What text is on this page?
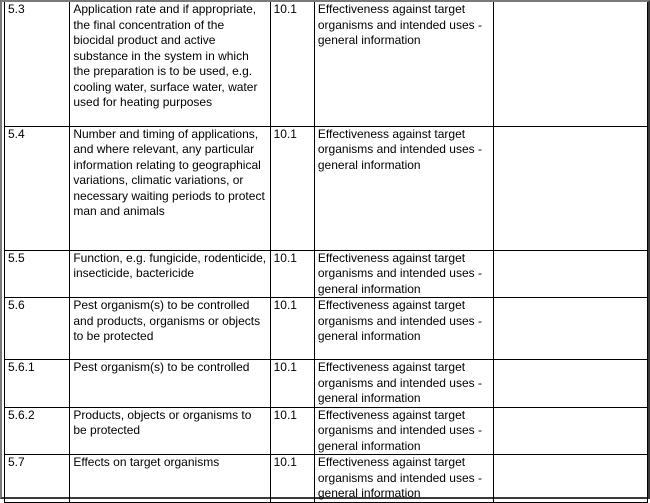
5.3	Application rate and if appropriate, the final concentration of the biocidal product and active substance in the system in which the preparation is to be used, e.g. cooling water, surface water, water used for heating purposes	10.1	Effectiveness against target organisms and intended uses - general information	

5.4	Number and timing of applications, and where relevant, any particular information relating to geographical variations, climatic variations, or necessary waiting periods to protect man and animals	10.1	Effectiveness against target organisms and intended uses - general information	

5.5	Function, e.g. fungicide, rodenticide, insecticide, bactericide	10.1	Effectiveness against target organisms and intended uses - general information	

5.6	Pest organism(s) to be controlled and products, organisms or objects to be protected	10.1	Effectiveness against target organisms and intended uses - general information	

5.6.1	Pest organism(s) to be controlled	10.1	Effectiveness against target organisms and intended uses - general information	

5.6.2	Products, objects or organisms to be protected	10.1	Effectiveness against target organisms and intended uses - general information	

5.7	Effects on target organisms	10.1	Effectiveness against target organisms and intended uses - general information	
